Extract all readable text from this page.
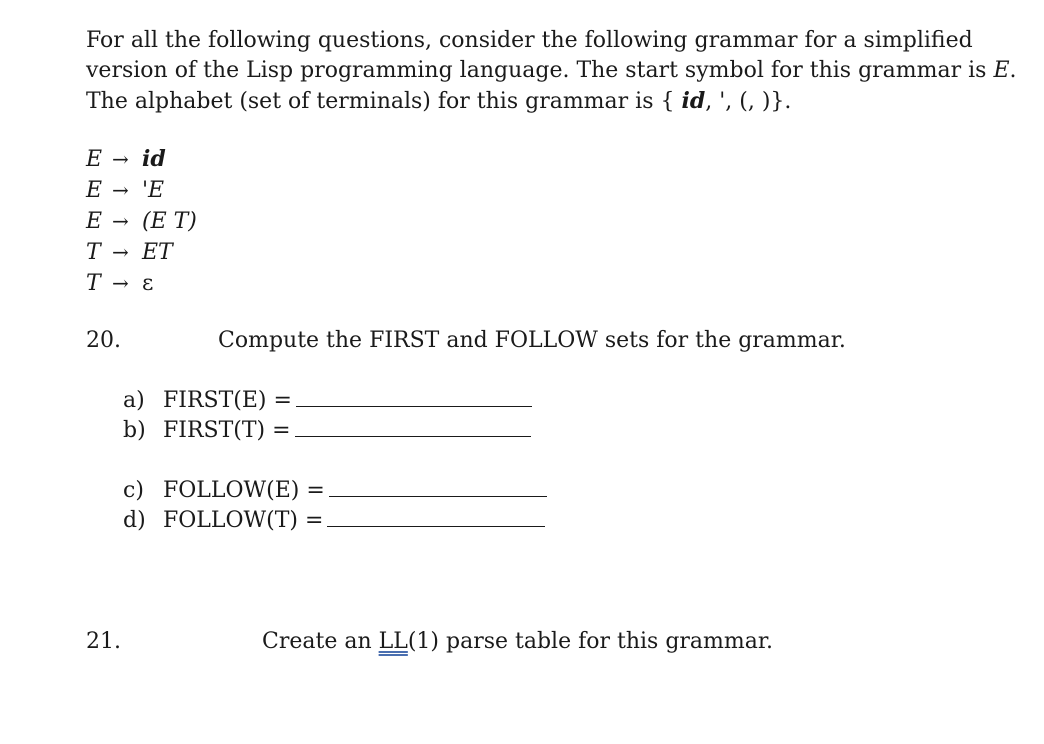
For all the following questions, consider the following grammar for a simplified
version of the Lisp programming language. The start symbol for this grammar is E.
The alphabet (set of terminals) for this grammar is { id, ', (, )}.
E → id
E → 'E
E → (E T)
T → ET
T → ε
20.	Compute the FIRST and FOLLOW sets for the grammar.
a) FIRST(E) =
b) FIRST(T) =
c) FOLLOW(E) =
d) FOLLOW(T) =
21.	Create an LL(1) parse table for this grammar.
